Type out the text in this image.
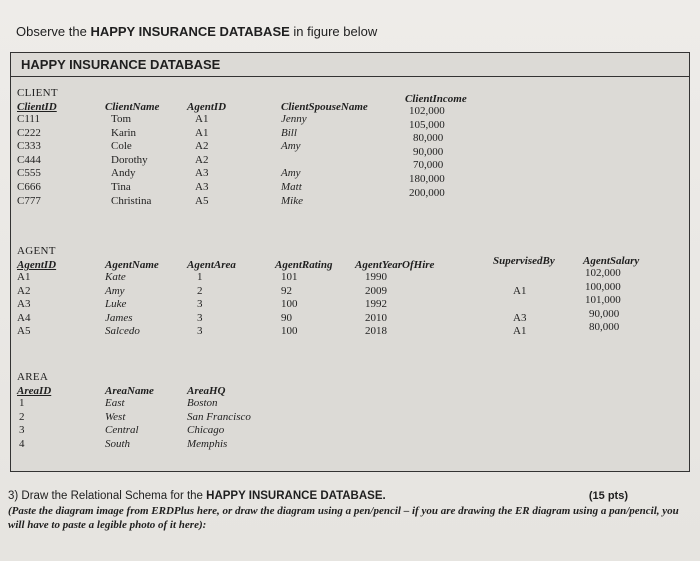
Observe the HAPPY INSURANCE DATABASE in figure below
HAPPY INSURANCE DATABASE
CLIENT
ClientID
C111
C222
C333
C444
C555
C666
C777
ClientName
Tom
Karin
Cole
Dorothy
Andy
Tina
Christina
AgentID
A1
A1
A2
A2
A3
A3
A5
ClientSpouseName
Jenny
Bill
Amy
Amy
Matt
Mike
ClientIncome
102,000
105,000
80,000
90,000
70,000
180,000
200,000
AGENT
AgentID
A1
A2
A3
A4
A5
AgentName
Kate
Amy
Luke
James
Salcedo
AgentArea
1
2
3
3
3
AgentRating
101
92
100
90
100
AgentYearOfHire
1990
2009
1992
2010
2018
SupervisedBy
A1
A3
A1
AgentSalary
102,000
100,000
101,000
90,000
80,000
AREA
AreaID
1
2
3
4
AreaName
East
West
Central
South
AreaHQ
Boston
San Francisco
Chicago
Memphis
3) Draw the Relational Schema for the HAPPY INSURANCE DATABASE.	(15 pts)
(Paste the diagram image from ERDPlus here, or draw the diagram using a pen/pencil – if you are drawing the ER diagram using a pan/pencil, you will have to paste a legible photo of it here):
